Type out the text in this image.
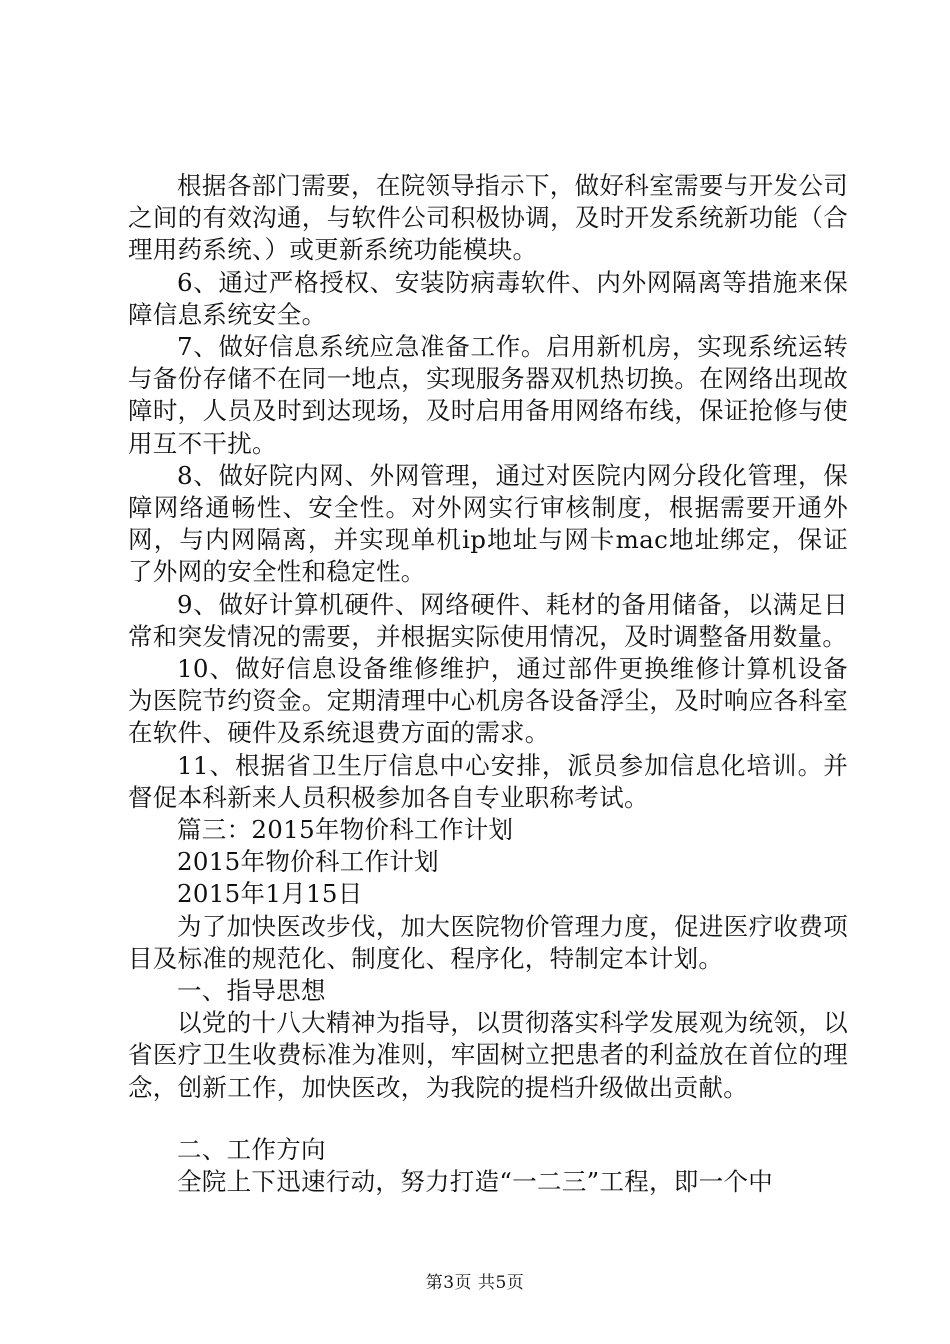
根据各部门需要，在院领导指示下，做好科室需要与开发公司之间的有效沟通，与软件公司积极协调，及时开发系统新功能（合理用药系统、）或更新系统功能模块。

6、通过严格授权、安装防病毒软件、内外网隔离等措施来保障信息系统安全。

7、做好信息系统应急准备工作。启用新机房，实现系统运转与备份存储不在同一地点，实现服务器双机热切换。在网络出现故障时，人员及时到达现场，及时启用备用网络布线，保证抢修与使用互不干扰。

8、做好院内网、外网管理，通过对医院内网分段化管理，保障网络通畅性、安全性。对外网实行审核制度，根据需要开通外网，与内网隔离，并实现单机ip地址与网卡mac地址绑定，保证了外网的安全性和稳定性。

9、做好计算机硬件、网络硬件、耗材的备用储备，以满足日常和突发情况的需要，并根据实际使用情况，及时调整备用数量。

10、做好信息设备维修维护，通过部件更换维修计算机设备为医院节约资金。定期清理中心机房各设备浮尘，及时响应各科室在软件、硬件及系统退费方面的需求。

11、根据省卫生厅信息中心安排，派员参加信息化培训。并督促本科新来人员积极参加各自专业职称考试。

篇三：2015年物价科工作计划

2015年物价科工作计划

2015年1月15日

为了加快医改步伐，加大医院物价管理力度，促进医疗收费项目及标准的规范化、制度化、程序化，特制定本计划。

一、指导思想

以党的十八大精神为指导，以贯彻落实科学发展观为统领，以省医疗卫生收费标准为准则，牢固树立把患者的利益放在首位的理念，创新工作，加快医改，为我院的提档升级做出贡献。

二、工作方向

全院上下迅速行动，努力打造“一二三”工程，即一个中

第3页 共5页
